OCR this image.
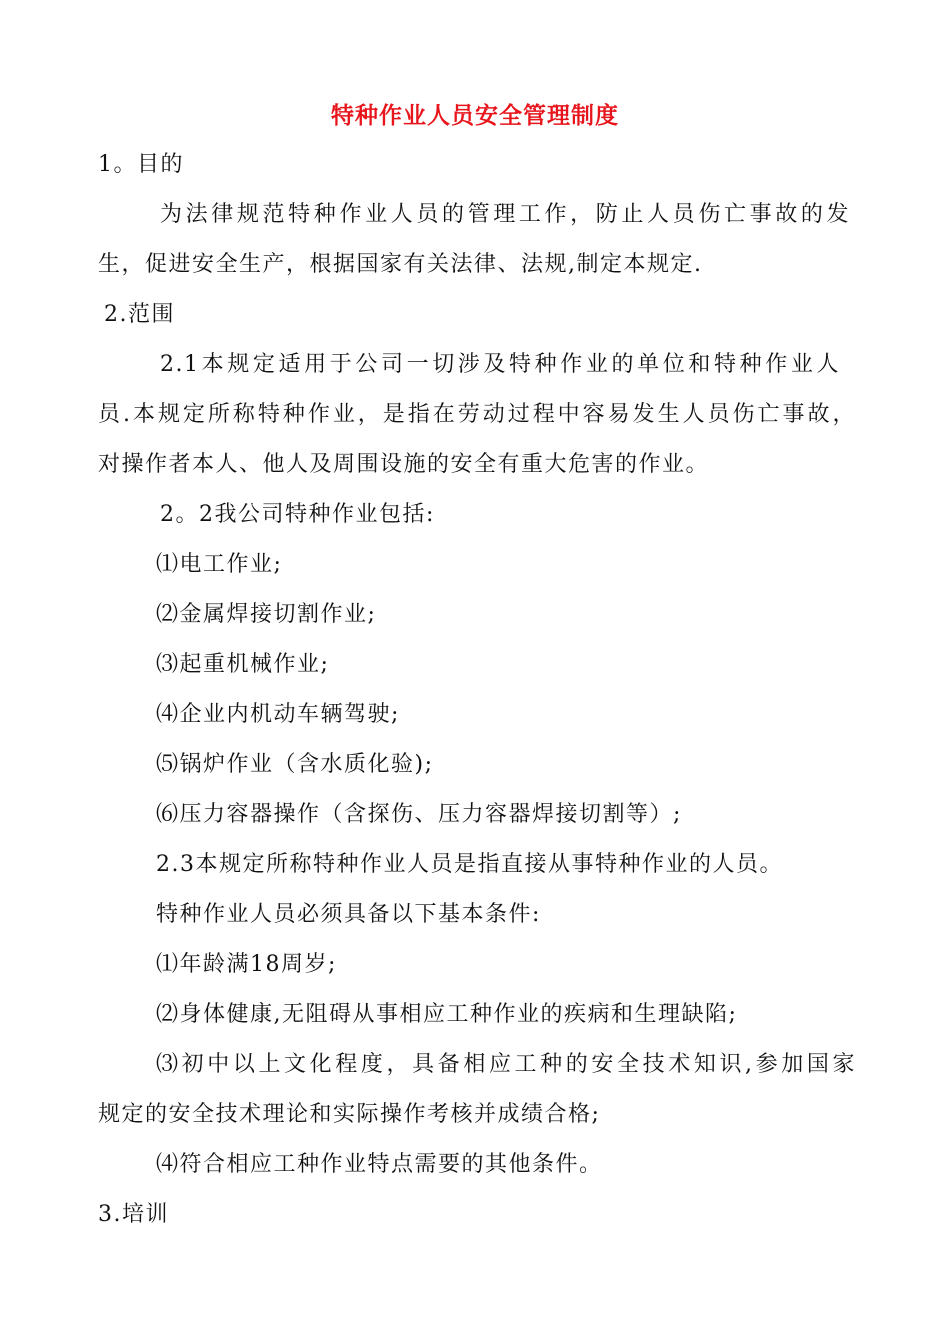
特种作业人员安全管理制度
1。目的
为法律规范特种作业人员的管理工作，防止人员伤亡事故的发
生，促进安全生产，根据国家有关法律、法规,制定本规定.
2.范围
2.1本规定适用于公司一切涉及特种作业的单位和特种作业人
员.本规定所称特种作业，是指在劳动过程中容易发生人员伤亡事故，
对操作者本人、他人及周围设施的安全有重大危害的作业。
2。2我公司特种作业包括:
⑴电工作业;
⑵金属焊接切割作业;
⑶起重机械作业;
⑷企业内机动车辆驾驶;
⑸锅炉作业（含水质化验);
⑹压力容器操作（含探伤、压力容器焊接切割等）;
2.3本规定所称特种作业人员是指直接从事特种作业的人员。
特种作业人员必须具备以下基本条件:
⑴年龄满18周岁;
⑵身体健康,无阻碍从事相应工种作业的疾病和生理缺陷;
⑶初中以上文化程度，具备相应工种的安全技术知识,参加国家
规定的安全技术理论和实际操作考核并成绩合格;
⑷符合相应工种作业特点需要的其他条件。
3.培训
